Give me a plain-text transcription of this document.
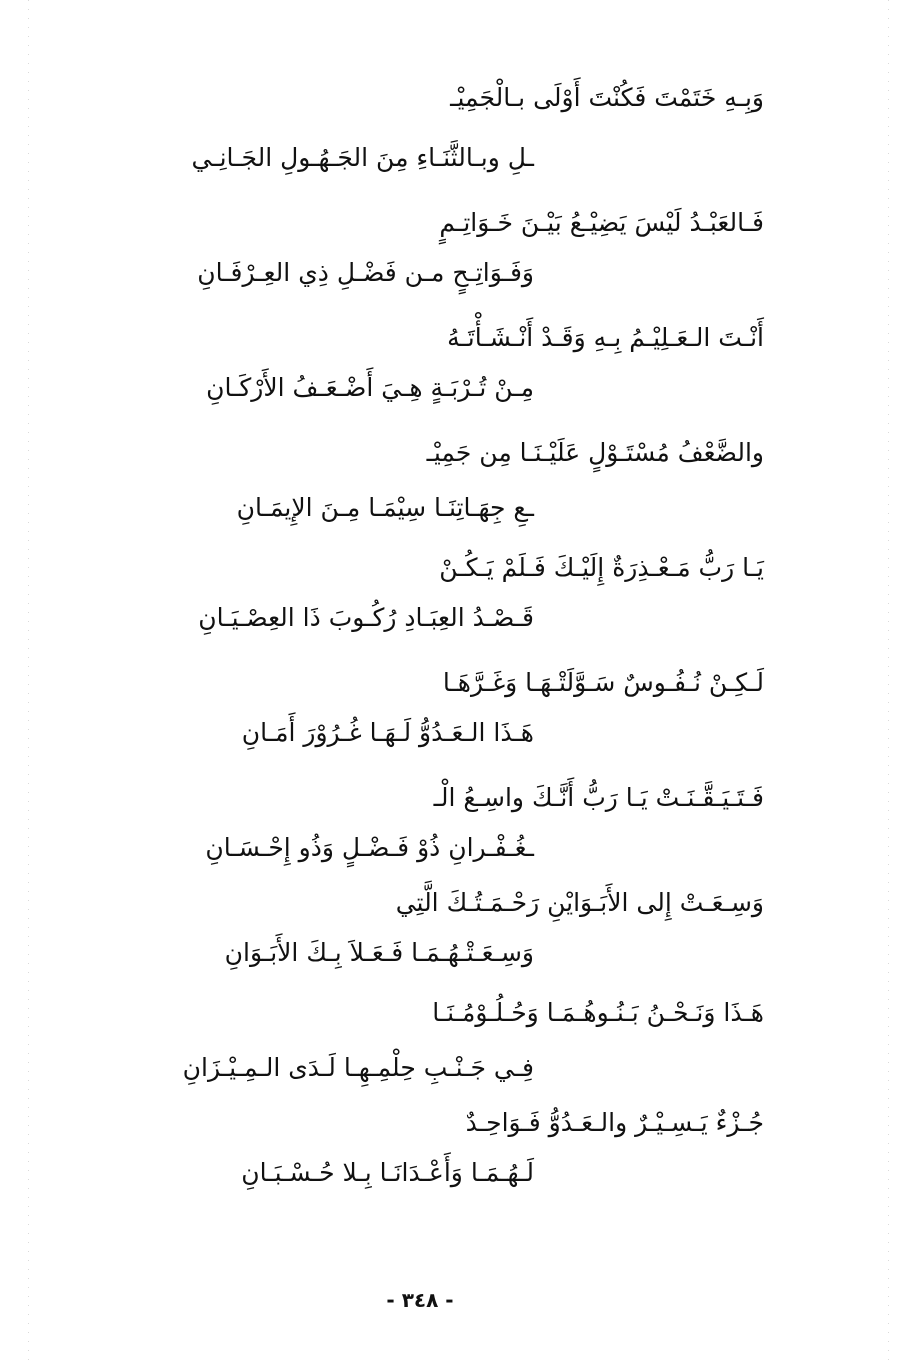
وَبِـهِ خَتَمْتَ فَكُنْتَ أَوْلَى بـالْجَمِيْـ
ـلِ وبـالثَّنَـاءِ مِنَ الجَـهُـولِ الجَـانِـي
فَـالعَبْـدُ لَيْسَ يَضِيْـعُ بَيْـنَ خَـوَاتِـمٍ
وَفَـوَاتِـحٍ مـن فَضْـلِ ذِي العِـرْفَـانِ
أَنْـتَ الـعَـلِيْـمُ بِـهِ وَقَـدْ أَنْـشَـأْتَـهُ
مِـنْ تُـرْبَـةٍ هِـيَ أَضْـعَـفُ الأَرْكَـانِ
والضَّعْفُ مُسْتَـوْلٍ عَلَيْـنَـا مِن جَمِيْـ
ـعِ جِهَـاتِنَـا سِيْمَـا مِـنَ الإِيمَـانِ
يَـا رَبُّ مَـعْـذِرَةٌ إِلَيْـكَ فَـلَمْ يَـكُـنْ
قَـصْـدُ العِبَـادِ رُكُـوبَ ذَا العِصْـيَـانِ
لَـكِـنْ نُـفُـوسٌ سَـوَّلَتْـهَـا وَغَـرَّهَـا
هَـذَا الـعَـدُوُّ لَـهَـا غُـرُوْرَ أَمَـانِ
فَـتَـيَـقَّـنَـتْ يَـا رَبُّ أَنَّـكَ واسِـعُ الْـ
ـغُـفْـرانِ ذُوْ فَـضْـلٍ وَذُو إِحْـسَـانِ
وَسِـعَـتْ إِلى الأَبَـوَايْنِ رَحْـمَـتُـكَ الَّتِي
وَسِـعَـتْـهُـمَـا فَـعَـلاَ بِـكَ الأَبَـوَانِ
هَـذَا وَنَـحْـنُ بَـنُـوهُـمَـا وَحُـلُـوْمُـنَـا
فِـي جَـنْـبِ حِلْمِـهِـا لَـدَى الـمِـيْـزَانِ
جُـزْءٌ يَـسِـيْـرٌ والـعَـدُوُّ فَـوَاحِـدٌ
لَـهُـمَـا وَأَعْـدَانَـا بِـلا حُـسْـبَـانِ
- ٣٤٨ -
